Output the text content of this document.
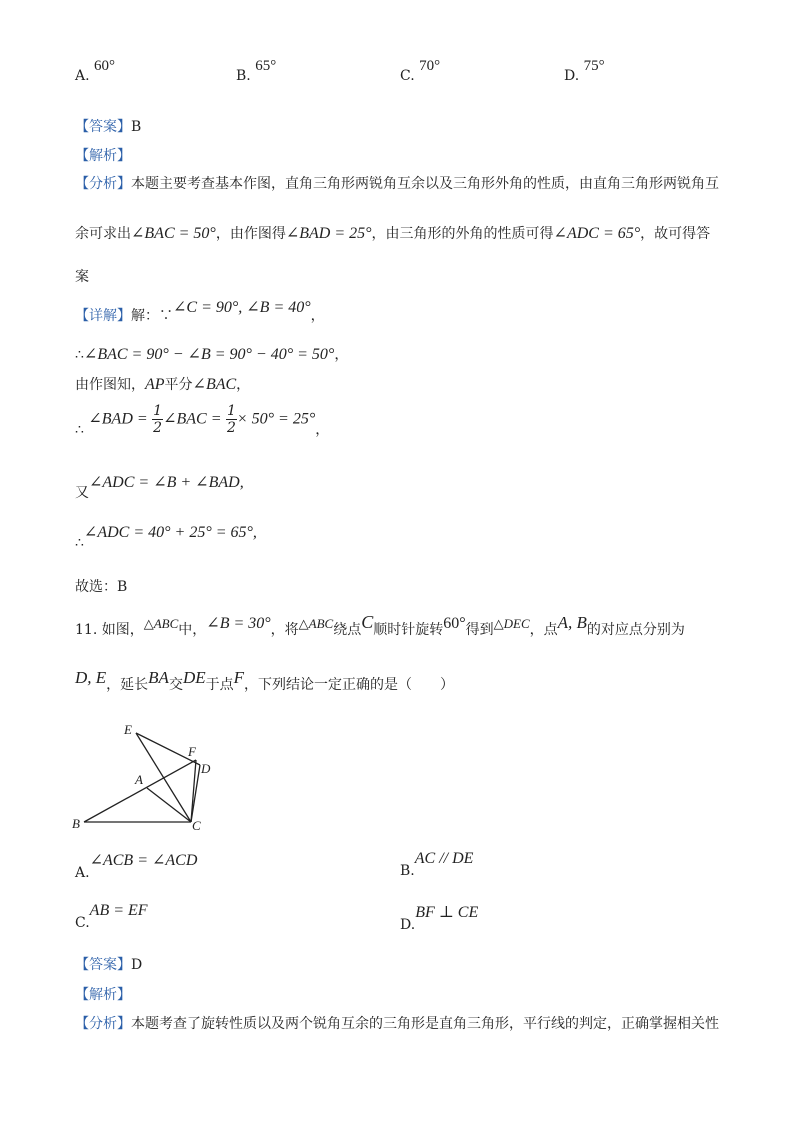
A. 60°
B. 65°
C. 70°
D. 75°
【答案】B
【解析】
【分析】本题主要考查基本作图，直角三角形两锐角互余以及三角形外角的性质，由直角三角形两锐角互
余可求出∠BAC = 50°，由作图得∠BAD = 25°，由三角形的外角的性质可得∠ADC = 65°，故可得答
案
【详解】解：∵∠C = 90°, ∠B = 40°，
∴∠BAC = 90° − ∠B = 90° − 40° = 50°，
由作图知，AP平分∠BAC，
∴ ∠BAD = $\frac{1}{2}$ ∠BAC = $\frac{1}{2} \times 50^\circ = 25^\circ$，
又∠ADC = ∠B + ∠BAD,
∴∠ADC = 40° + 25° = 65°,
故选：B
11. 如图，△ABC中，∠B = 30°，将△ABC绕点C顺时针旋转60°得到△DEC，点A, B的对应点分别为
D, E，延长BA交DE于点F，下列结论一定正确的是（　　）
E
F
D
A
B	C
A.∠ACB = ∠ACD
B.AC // DE
C.AB = EF
D.BF ⊥ CE
【答案】D
【解析】
【分析】本题考查了旋转性质以及两个锐角互余的三角形是直角三角形，平行线的判定，正确掌握相关性
